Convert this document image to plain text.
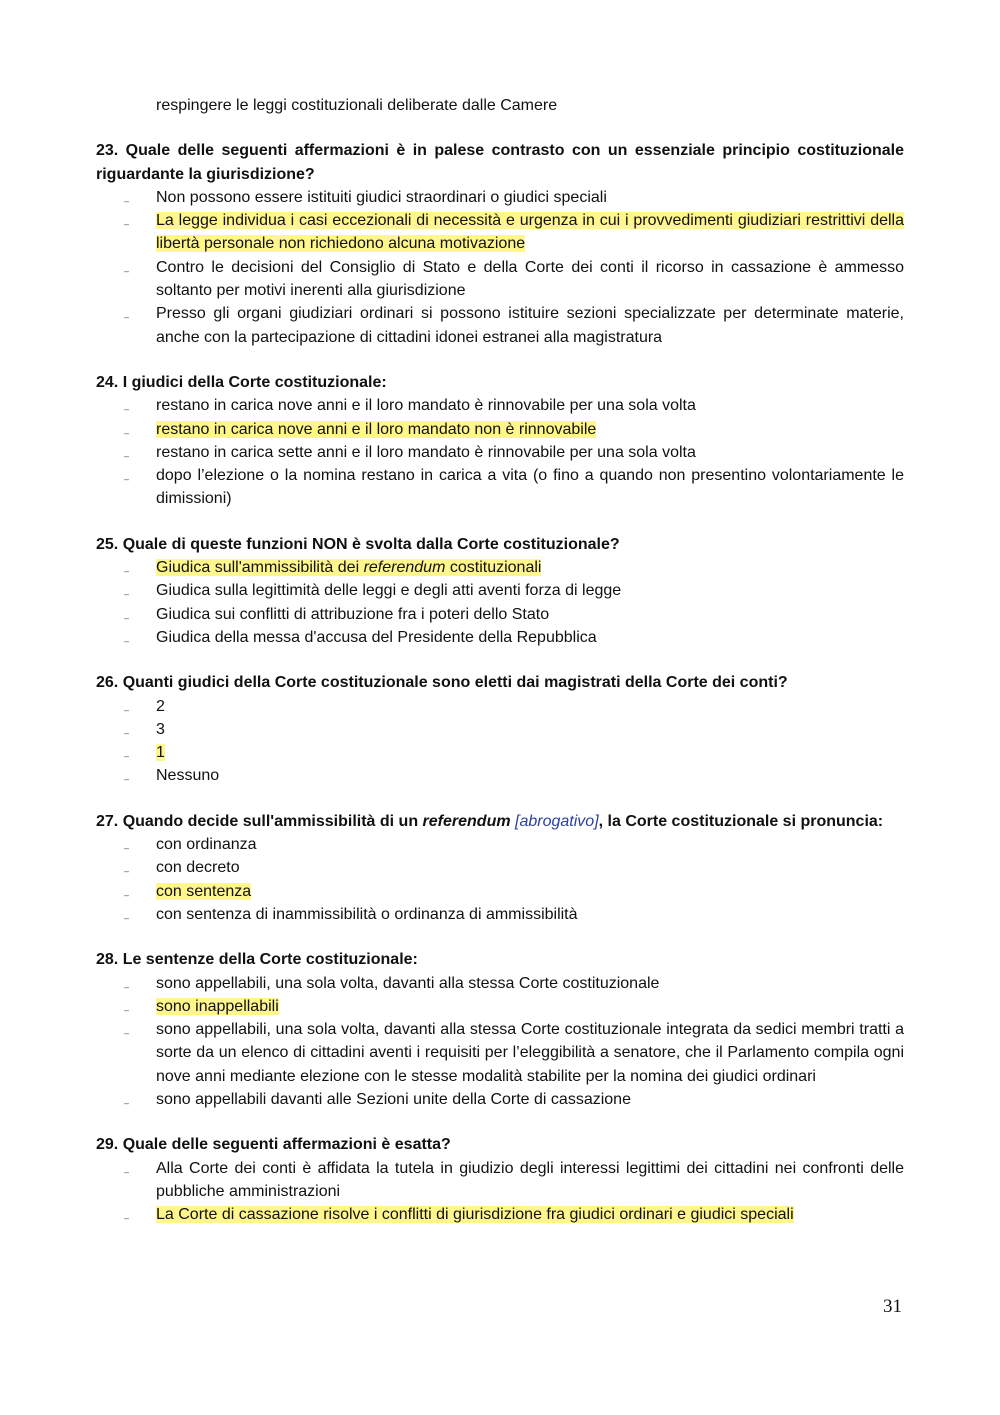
respingere le leggi costituzionali deliberate dalle Camere
23. Quale delle seguenti affermazioni è in palese contrasto con un essenziale principio costituzionale riguardante la giurisdizione?
– Non possono essere istituiti giudici straordinari o giudici speciali
– La legge individua i casi eccezionali di necessità e urgenza in cui i provvedimenti giudiziari restrittivi della libertà personale non richiedono alcuna motivazione
– Contro le decisioni del Consiglio di Stato e della Corte dei conti il ricorso in cassazione è ammesso soltanto per motivi inerenti alla giurisdizione
– Presso gli organi giudiziari ordinari si possono istituire sezioni specializzate per determinate materie, anche con la partecipazione di cittadini idonei estranei alla magistratura
24. I giudici della Corte costituzionale:
– restano in carica nove anni e il loro mandato è rinnovabile per una sola volta
– restano in carica nove anni e il loro mandato non è rinnovabile
– restano in carica sette anni e il loro mandato è rinnovabile per una sola volta
– dopo l’elezione o la nomina restano in carica a vita (o fino a quando non presentino volontariamente le dimissioni)
25. Quale di queste funzioni NON è svolta dalla Corte costituzionale?
– Giudica sull'ammissibilità dei referendum costituzionali
– Giudica sulla legittimità delle leggi e degli atti aventi forza di legge
– Giudica sui conflitti di attribuzione fra i poteri dello Stato
– Giudica della messa d'accusa del Presidente della Repubblica
26. Quanti giudici della Corte costituzionale sono eletti dai magistrati della Corte dei conti?
– 2
– 3
– 1
– Nessuno
27. Quando decide sull'ammissibilità di un referendum [abrogativo], la Corte costituzionale si pronuncia:
– con ordinanza
– con decreto
– con sentenza
– con sentenza di inammissibilità o ordinanza di ammissibilità
28. Le sentenze della Corte costituzionale:
– sono appellabili, una sola volta, davanti alla stessa Corte costituzionale
– sono inappellabili
– sono appellabili, una sola volta, davanti alla stessa Corte costituzionale integrata da sedici membri tratti a sorte da un elenco di cittadini aventi i requisiti per l’eleggibilità a senatore, che il Parlamento compila ogni nove anni mediante elezione con le stesse modalità stabilite per la nomina dei giudici ordinari
– sono appellabili davanti alle Sezioni unite della Corte di cassazione
29. Quale delle seguenti affermazioni è esatta?
– Alla Corte dei conti è affidata la tutela in giudizio degli interessi legittimi dei cittadini nei confronti delle pubbliche amministrazioni
– La Corte di cassazione risolve i conflitti di giurisdizione fra giudici ordinari e giudici speciali
31
